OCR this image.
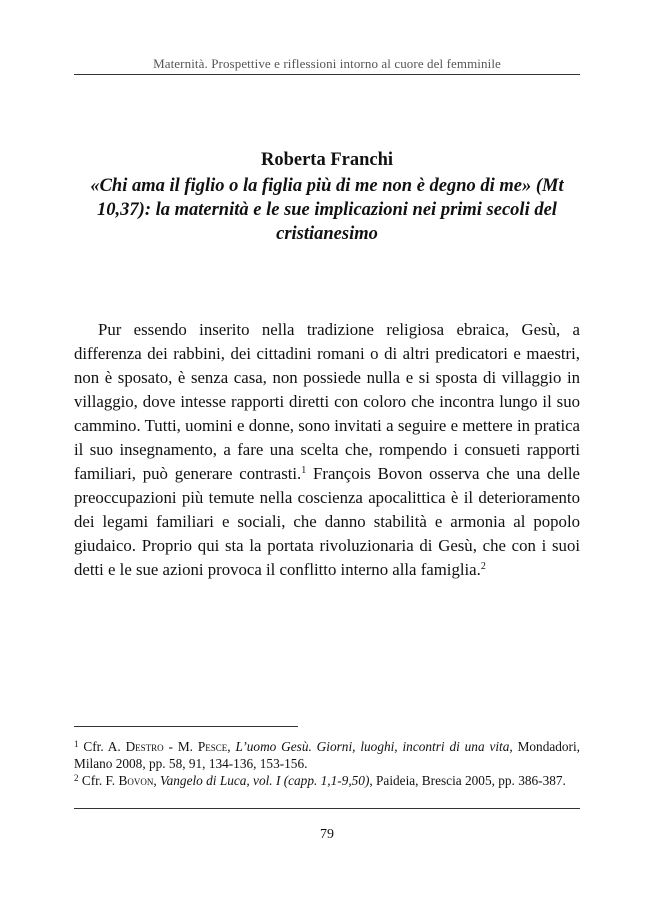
Maternità. Prospettive e riflessioni intorno al cuore del femminile
Roberta Franchi
«Chi ama il figlio o la figlia più di me non è degno di me» (Mt 10,37): la maternità e le sue implicazioni nei primi secoli del cristianesimo

Pur essendo inserito nella tradizione religiosa ebraica, Gesù, a differenza dei rabbini, dei cittadini romani o di altri predicatori e maestri, non è sposato, è senza casa, non possiede nulla e si sposta di villaggio in villaggio, dove intesse rapporti diretti con coloro che incontra lungo il suo cammino. Tutti, uomini e donne, sono invitati a seguire e mettere in pratica il suo insegnamento, a fare una scelta che, rompendo i consueti rapporti familiari, può generare contrasti.$^1$ François Bovon osserva che una delle preoccupazioni più temute nella coscienza apocalittica è il deterioramento dei legami familiari e sociali, che danno stabilità e armonia al popolo giudaico. Proprio qui sta la portata rivoluzionaria di Gesù, che con i suoi detti e le sue azioni provoca il conflitto interno alla famiglia.$^2$

$^1$ Cfr. A. Destro - M. Pesce, L’uomo Gesù. Giorni, luoghi, incontri di una vita, Mondadori, Milano 2008, pp. 58, 91, 134-136, 153-156.

$^2$ Cfr. F. Bovon, Vangelo di Luca, vol. I (capp. 1,1-9,50), Paideia, Brescia 2005, pp. 386-387.

79
